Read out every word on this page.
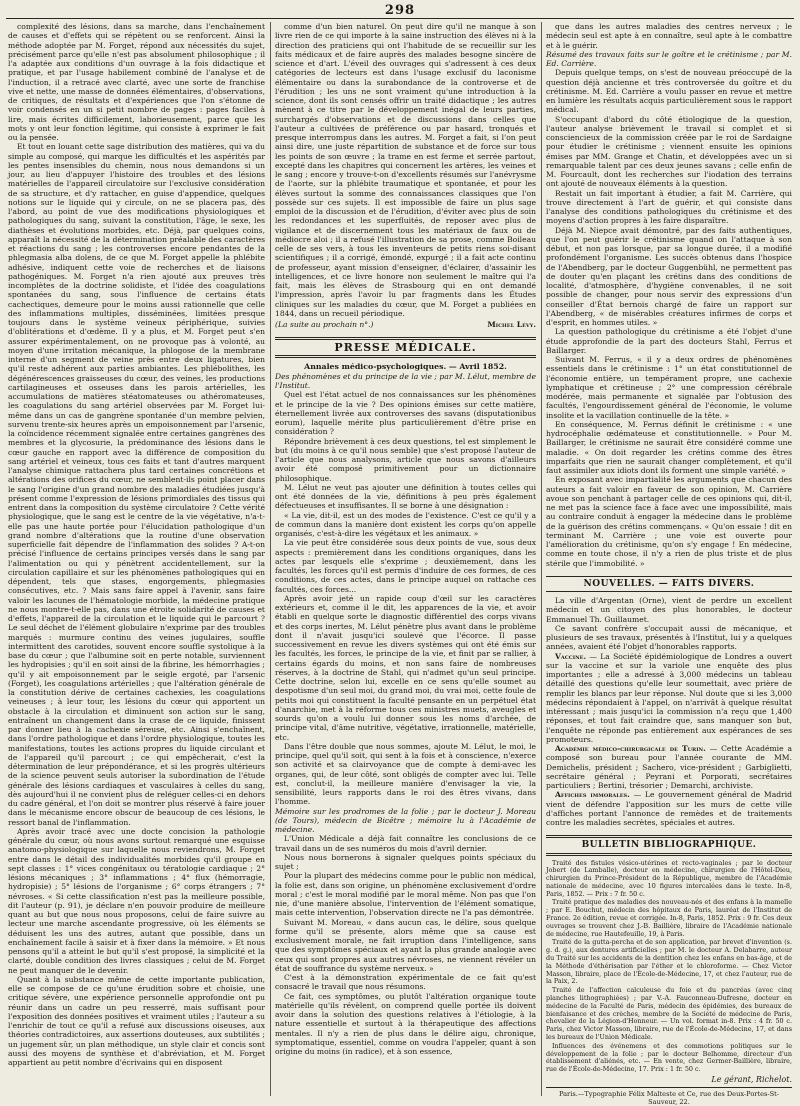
298

complexité des lésions, dans sa marche, dans l'enchaînement de causes et d'effets qui se répètent ou se renforcent. Ainsi la méthode adoptée par M. Forget, répond aux nécessités du sujet, précisément parce qu'elle n'est pas absolument philosophique ; il l'a adaptée aux conditions d'un ouvrage à la fois didactique et pratique, et par l'usage habilement combiné de l'analyse et de l'induction, il a retracé avec clarté, avec une sorte de franchise vive et nette, une masse de données élémentaires, d'observations, de critiques, de résultats et d'expériences que l'on s'étonne de voir condensés en un si petit nombre de pages : pages faciles à lire, mais écrites difficilement, laborieusement, parce que les mots y ont leur fonction légitime, qui consiste à exprimer le fait ou la pensée.

Et tout en louant cette sage distribution des matières, qui va du simple au composé, qui marque les difficultés et les aspérités par les pentes insensibles du chemin, nous nous demandons si un jour, au lieu d'appuyer l'histoire des troubles et des lésions matérielles de l'appareil circulatoire sur l'exclusive considération de sa structure, et d'y rattacher, en guise d'appendice, quelques notions sur le liquide qui y circule, on ne se placera pas, dès l'abord, au point de vue des modifications physiologiques et pathologiques du sang, suivant la constitution, l'âge, le sexe, les diathèses et évolutions morbides, etc. Déjà, par quelques coins, apparaît la nécessité de la détermination préalable des caractères et réactions du sang ; les controverses encore pendantes de la phlegmasia alba dolens, de ce que M. Forget appelle la phlébite adhésive, indiquent cette voie de recherches et de liaisons pathogéniques. M. Forget n'a rien ajouté aux preuves très incomplètes de la doctrine solidiste, et l'idée des coagulations spontanées du sang, sous l'influence de certains états cachectiques, demeure pour le moins aussi rationnelle que celle des inflammations multiples, disséminées, limitées presque toujours dans le système veineux périphérique, suivies d'oblitérations et d'œdème. Il y a plus, et M. Forget peut s'en assurer expérimentalement, on ne provoque pas à volonté, au moyen d'une irritation mécanique, la phlogose de la membrane interne d'un segment de veine près entre deux ligatures, bien qu'il reste adhérent aux parties ambiantes. Les phlébolithes, les dégénérescences graisseuses du cœur, des veines, les productions cartilagineuses et osseuses dans les parois artérielles, les accumulations de matières stéatomateuses ou athéromateuses, les coagulations du sang artériel observées par M. Forget lui-même dans un cas de gangrène spontanée d'un membre pelvien, survenu trente-six heures après un empoisonnement par l'arsenic, la coïncidence récemment signalée entre certaines gangrènes des membres et la glycosurie, la prédominance des lésions dans le cœur gauche en rapport avec la différence de composition du sang artériel et veineux, tous ces faits et tant d'autres marquent l'analyse chimique rattachera plus tard certaines concrétions et altérations des orifices du cœur, ne semblent-ils point placer dans le sang l'origine d'un grand nombre des maladies étudiées jusqu'à présent comme l'expression de lésions primordiales des tissus qui entrent dans la composition du système circulatoire ? Cette vérité physiologique, que le sang est le centre de la vie végétative, n'a-t-elle pas une haute portée pour l'élucidation pathologique d'un grand nombre d'altérations que la routine d'une observation superficielle fait dépendre de l'inflammation des solides ? A-t-on précisé l'influence de certains principes versés dans le sang par l'alimentation ou qui y pénètrent accidentellement, sur la circulation capillaire et sur les phénomènes pathologiques qui en dépendent, tels que stases, engorgements, phlegmasies consécutives, etc. ? Mais sans faire appel à l'avenir, sans faire valoir les lacunes de l'hématologie morbide, la médecine pratique ne nous montre-t-elle pas, dans une étroite solidarité de causes et d'effets, l'appareil de la circulation et le liquide qui le parcourt ? Le seul déchet de l'élément globulaire n'exprime par des troubles marqués : murmure continu des veines jugulaires, souffle intermittent des carotides, souvent encore souffle systolique à la base du cœur ; que l'albumine soit en perte notable, surviennent les hydropisies ; qu'il en soit ainsi de la fibrine, les hémorrhagies ; qu'il y ait empoisonnement par le seigle ergoté, par l'arsenic (Forget), les coagulations artérielles ; que l'altération générale de la constitution dérive de certaines cachexies, les coagulations veineuses ; à leur tour, les lésions du cœur qui apportent un obstacle à la circulation et diminuent son action sur le sang, entraînent un changement dans la crase de ce liquide, finissent par donner lieu à la cachexie séreuse, etc. Ainsi s'enchaînent, dans l'ordre pathologique et dans l'ordre physiologique, toutes les manifestations, toutes les actions propres du liquide circulant et de l'appareil qu'il parcourt ; ce qui empêcherait, c'est la détermination de leur prépondérance, et si les progrès ultérieurs de la science peuvent seuls autoriser la subordination de l'étude générale des lésions cardiaques et vasculaires à celles du sang, dès aujourd'hui il ne convient plus de reléguer celles-ci en dehors du cadre général, et l'on doit se montrer plus réservé à faire jouer dans le mécanisme encore obscur de beaucoup de ces lésions, le ressort banal de l'inflammation.

Après avoir tracé avec une docte concision la pathologie générale du cœur, où nous avons surtout remarqué une esquisse anatomo-physiologique sur laquelle nous reviendrons, M. Forget entre dans le détail des individualités morbides qu'il groupe en sept classes : 1° vices congénitaux ou tératologie cardiaque ; 2° lésions mécaniques ; 3° inflammations ; 4° flux (hémorragie, hydropisie) ; 5° lésions de l'organisme ; 6° corps étrangers ; 7° névroses. « Si cette classification n'est pas la meilleure possible, dit l'auteur (p. 91), je déclare n'en pouvoir produire de meilleure quant au but que nous nous proposons, celui de faire suivre au lecteur une marche ascendante progressive, où les éléments se déduisent les uns des autres, autant que possible, dans un enchaînement facile à saisir et à fixer dans la mémoire. » Et nous pensons qu'il a atteint le but qu'il s'est proposé, la simplicité et la clarté, double condition des livres classiques ; celui de M. Forget ne peut manquer de le devenir.

Quant à la substance même de cette importante publication, elle se compose de ce qu'une érudition sobre et choisie, une critique sévère, une expérience personnelle approfondie ont pu réunir dans un cadre un peu resserré, mais suffisant pour l'exposition des données positives et vraiment utiles ; l'auteur a su l'enrichir de tout ce qu'il a refusé aux discussions oiseuses, aux théories contradictoires, aux assertions douteuses, aux subtilités ; un jugement sûr, un plan méthodique, un style clair et concis sont aussi des moyens de synthèse et d'abréviation, et M. Forget appartient au petit nombre d'écrivains qui en disposent

comme d'un bien naturel. On peut dire qu'il ne manque à son livre rien de ce qui importe à la saine instruction des élèves ni à la direction des praticiens qui ont l'habitude de se recueillir sur les faits médicaux et de faire auprès des malades besogne sincère de science et d'art. L'éveil des ouvrages qui s'adressent à ces deux catégories de lecteurs est dans l'usage exclusif du laconisme élémentaire ou dans la surabondance de la controverse et de l'érudition ; les uns ne sont vraiment qu'une introduction à la science, dont ils sont censés offrir un traité didactique ; les autres mènent à ce titre par le développement inégal de leurs parties, surchargés d'observations et de discussions dans celles que l'auteur a cultivées de préférence ou par hasard, tronqués et presque interrompus dans les autres. M. Forget a fait, si l'on peut ainsi dire, une juste répartition de substance et de force sur tous les points de son œuvre ; la trame en est ferme et serrée partout, excepté dans les chapitres qui concernent les artères, les veines et le sang ; encore y trouve-t-on d'excellents résumés sur l'anévrysme de l'aorte, sur la phlébite traumatique et spontanée, et pour les élèves surtout la somme des connaissances classiques que l'on possède sur ces sujets. Il est impossible de faire un plus sage emploi de la discussion et de l'érudition, d'éviter avec plus de soin les redondances et les superfluités, de reposer avec plus de vigilance et de discernement tous les matériaux de faux ou de médiocre aloi ; il a refusé l'illustration de sa prose, comme Boileau celle de ses vers, à tous les inventeurs de petits riens soi-disant scientifiques ; il a corrigé, émondé, expurgé ; il a fait acte continu de professeur, ayant mission d'enseigner, d'éclairer, d'assainir les intelligences, et ce livre honore non seulement le maître qui l'a fait, mais les élèves de Strasbourg qui en ont demandé l'impression, après l'avoir lu par fragments dans les Études cliniques sur les maladies du cœur, que M. Forget a publiées en 1844, dans un recueil périodique.

(La suite au prochain n°.)	Michel Lévy.

PRESSE MÉDICALE.
Annales médico-psychologiques. — Avril 1852.

Des phénomènes et du principe de la vie ; par M. Lélut, membre de l'Institut.

Quel est l'état actuel de nos connaissances sur les phénomènes et le principe de la vie ? Des opinions émises sur cette matière, éternellement livrée aux controverses des savans (disputationibus eorum), laquelle mérite plus particulièrement d'être prise en considération ?

Répondre brièvement à ces deux questions, tel est simplement le but (du moins à ce qu'il nous semble) que s'est proposé l'auteur de l'article que nous analysons, article que nous savons d'ailleurs avoir été composé primitivement pour un dictionnaire philosophique.

M. Lélut ne veut pas ajouter une définition à toutes celles qui ont été données de la vie, définitions à peu près également défectueuses et insuffisantes. Il se borne à une désignation :

« La vie, dit-il, est un des modes de l'existence. C'est ce qu'il y a de commun dans la manière dont existent les corps qu'on appelle organisés, c'est-à-dire les végétaux et les animaux. »

La vie peut être considérée sous deux points de vue, sous deux aspects : premièrement dans les conditions organiques, dans les actes par lesquels elle s'exprime ; deuxièmement, dans les facultés, les forces qu'il est permis d'induire de ces formes, de ces conditions, de ces actes, dans le principe auquel on rattache ces facultés, ces forces...

Après avoir jeté un rapide coup d'œil sur les caractères extérieurs et, comme il le dit, les apparences de la vie, et avoir établi en quelque sorte le diagnostic différentiel des corps vivans et des corps inertes, M. Lélut pénètre plus avant dans le problème dont il n'avait jusqu'ici soulevé que l'écorce. Il passe successivement en revue les divers systèmes qui ont été émis sur les facultés, les forces, le principe de la vie, et finit par se rallier, à certains égards du moins, et non sans faire de nombreuses réserves, à la doctrine de Stahl, qui n'admet qu'un seul principe. Cette doctrine, selon lui, excelle en ce sens qu'elle soumet au despotisme d'un seul moi, du grand moi, du vrai moi, cette foule de petits moi qui constituent la faculté pensante en un perpétuel état d'anarchie, met à la réforme tous ces ministres muets, aveugles et sourds qu'on a voulu lui donner sous les noms d'archée, de principe vital, d'âme nutritive, végétative, irrationnelle, matérielle, etc.

Dans l'être double que nous sommes, ajoute M. Lélut, le moi, le principe, quel qu'il soit, qui sent à la fois et à conscience, n'exerce son activité et sa clairvoyance que de compte à demi-avec les organes, qui, de leur côté, sont obligés de compter avec lui. Telle est, conclut-il, la meilleure manière d'envisager la vie, la sensibilité, leurs rapports dans le roi des êtres vivans, dans l'homme.

Mémoire sur les prodromes de la folie ; par le docteur J. Moreau (de Tours), médecin de Bicêtre ; mémoire lu à l'Académie de médecine.

L'Union Médicale a déjà fait connaître les conclusions de ce travail dans un de ses numéros du mois d'avril dernier.

Nous nous bornerons à signaler quelques points spéciaux du sujet ;

Pour la plupart des médecins comme pour le public non médical, la folie est, dans son origine, un phénomène exclusivement d'ordre moral ; c'est le moral modifié par le moral même. Non pas que l'on nie, d'une manière absolue, l'intervention de l'élément somatique, mais cette intervention, l'observation directe ne l'a pas démontrée.

Suivant M. Moreau, « dans aucun cas, le délire, sous quelque forme qu'il se présente, alors même que sa cause est exclusivement morale, ne fait irruption dans l'intelligence, sans que des symptômes spéciaux et ayant la plus grande analogie avec ceux qui sont propres aux autres névroses, ne viennent révéler un état de souffrance du système nerveux. »

C'est à la démonstration expérimentale de ce fait qu'est consacré le travail que nous résumons.

Ce fait, ces symptômes, ou plutôt l'altération organique toute matérielle qu'ils révèlent, on comprend quelle portée ils doivent avoir dans la solution des questions relatives à l'étiologie, à la nature essentielle et surtout à la thérapeutique des affections mentales. Il n'y a rien de plus dans le délire aigu, chronique, symptomatique, essentiel, comme on voudra l'appeler, quant à son origine du moins (in radice), et à son essence,

que dans les autres maladies des centres nerveux ; le médecin seul est apte à en connaître, seul apte à le combattre et à le guérir.

Résumé des travaux faits sur le goître et le crétinisme ; par M. Ed. Carrière.

Depuis quelque temps, on s'est de nouveau préoccupé de la question déjà ancienne et très controversée du goître et du crétinisme. M. Ed. Carrière a voulu passer en revue et mettre en lumière les résultats acquis particulièrement sous le rapport médical.

S'occupant d'abord du côté étiologique de la question, l'auteur analyse brièvement le travail si complet et si consciencieux de la commission créée par le roi de Sardaigne pour étudier le crétinisme ; viennent ensuite les opinions émises par MM. Grange et Chatin, et développées avec un si remarquable talent par ces deux jeunes savans ; celle enfin de M. Fourcault, dont les recherches sur l'iodation des terrains ont ajouté de nouveaux éléments à la question.

Restait un fait important à étudier, a fait M. Carrière, qui trouve directement à l'art de guérir, et qui consiste dans l'analyse des conditions pathologiques du crétinisme et des moyens d'action propres à les faire disparaître.

Déjà M. Niepce avait démontré, par des faits authentiques, que l'on peut guérir le crétinisme quand on l'attaque à son début, et non pas lorsque, par sa longue durée, il a modifié profondément l'organisme. Les succès obtenus dans l'hospice de l'Abendberg, par le docteur Guggenbühl, ne permettent pas de douter qu'en plaçant les crétins dans des conditions de localité, d'atmosphère, d'hygiène convenables, il ne soit possible de changer, pour nous servir des expressions d'un conseiller d'État bernois chargé de faire un rapport sur l'Abendberg, « de misérables créatures infirmes de corps et d'esprit, en hommes utiles. »

La question pathologique du crétinisme a été l'objet d'une étude approfondie de la part des docteurs Stahl, Ferrus et Baillarger.

Suivant M. Ferrus, « il y a deux ordres de phénomènes essentiels dans le crétinisme : 1° un état constitutionnel de l'économie entière, un tempérament propre, une cachexie lymphatique et crétineuse ; 2° une compression cérébrale modérée, mais permanente et signalée par l'obtusion des facultés, l'engourdissement général de l'économie, le volume insolite et la vacillation continuelle de la tête. »

En conséquence, M. Ferrus définit le crétinisme : « une hydrocéphalie œdémateuse et constitutionnelle. » Pour M. Baillarger, le crétinisme ne saurait être considéré comme une maladie. « On doit regarder les crétins comme des êtres imparfaits que rien ne saurait changer complètement, et qu'il faut assimiler aux idiots dont ils forment une simple variété. »

En exposant avec impartialité les arguments que chacun des auteurs a fait valoir en faveur de son opinion, M. Carrière avoue son penchant à partager celle de ces opinions qui, dit-il, ne met pas la science face à face avec une impossibilité, mais au contraire conduit à engager la médecine dans le problème de la guérison des crétins commençans. « Qu'on essaie ! dit en terminant M. Carrière ; une voie est ouverte pour l'amélioration du crétinisme, qu'on s'y engage ! En médecine, comme en toute chose, il n'y a rien de plus triste et de plus stérile que l'immobilité. »

NOUVELLES. — FAITS DIVERS.

La ville d'Argentan (Orne), vient de perdre un excellent médecin et un citoyen des plus honorables, le docteur Emmanuel Th. Guillaumet.

Ce savant confrère s'occupait aussi de mécanique, et plusieurs de ses travaux, présentés à l'Institut, lui y a quelques années, avaient été l'objet d'honorables rapports.

Vaccine. — La Société épidémiologique de Londres a ouvert sur la vaccine et sur la variole une enquête des plus importantes ; elle a adressé à 3,000 médecins un tableau détaillé des questions qu'elle leur soumettait, avec prière de remplir les blancs par leur réponse. Nul doute que si les 3,000 médecins répondaient à l'appel, on n'arrivât à quelque résultat intéressant ; mais jusqu'ici la commission n'a reçu que 1,400 réponses, et tout fait craindre que, sans manquer son but, l'enquête ne réponde pas entièrement aux espérances de ses promoteurs.

Académie médico-chirurgicale de Turin. — Cette Académie a composé son bureau pour l'année courante de MM. Demichelis, président ; Sachero, vice-président ; Garbiglietti, secrétaire général ; Peyrani et Porporati, secrétaires particuliers ; Bertini, trésorier ; Demarchi, archiviste.

Affiches immorales. — Le gouvernement général de Madrid vient de défendre l'apposition sur les murs de cette ville d'affiches portant l'annonce de remèdes et de traitements contre les maladies secrètes, spéciales et autres.

BULLETIN BIBLIOGRAPHIQUE.

Traité des fistules vésico-utérines et recto-vaginales ; par le docteur Jobert (de Lamballe), docteur en médecine, chirurgien de l'Hôtel-Dieu, chirurgien du Prince-Président de la République, membre de l'Académie nationale de médecine, avec 10 figures intercalées dans le texte. In-8, Paris, 1852. — Prix : 7 fr. 50 c.

Traité pratique des maladies des nouveau-nés et des enfans à la mamelle ; par E. Bouchut, médecin des hôpitaux de Paris, lauréat de l'Institut de France. 2e édition, revue et corrigée. In-8, Paris, 1852. Prix : 9 fr. Ces deux ouvrages se trouvent chez J.-B. Baillière, libraire de l'Académie nationale de médecine, rue Hautefeuille, 19, à Paris.

Traité de la gutta-percha et de son application, par brevet d'invention (s. g. d. g.), aux dentures artificielles ; par M. le docteur A. Delabarre, auteur du Traité sur les accidents de la dentition chez les enfans en bas-âge, et de la Méthode d'éthérisation par l'éther et le chloroforme. — Chez Victor Masson, libraire, place de l'École-de-Médecine, 17, et chez l'auteur, rue de la Paix, 2.

Traité de l'affection calculeuse du foie et du pancréas (avec cinq planches lithographiées) ; par V.-A. Fauconneau-Dufresne, docteur en médecine de la Faculté de Paris, médecin des épidémies, des bureaux de bienfaisance et des crèches, membre de la Société de médecine de Paris, chevalier de la Légion-d'Honneur. — Un vol. format in-8. Prix : 4 fr. 50 c. Paris, chez Victor Masson, libraire, rue de l'École-de-Médecine, 17, et dans les bureaux de l'Union Médicale.

Influences des événemens et des commotions politiques sur le développement de la folie ; par le docteur Belhomme, directeur d'un établissement d'aliénés, etc. — En vente, chez Germer-Baillière, libraire, rue de l'École-de-Médecine, 17. Prix : 1 fr. 50 c.

Le gérant, Richelot.

Paris.—Typographie Félix Malteste et Ce, rue des Deux-Portes-St-Sauveur, 22.
